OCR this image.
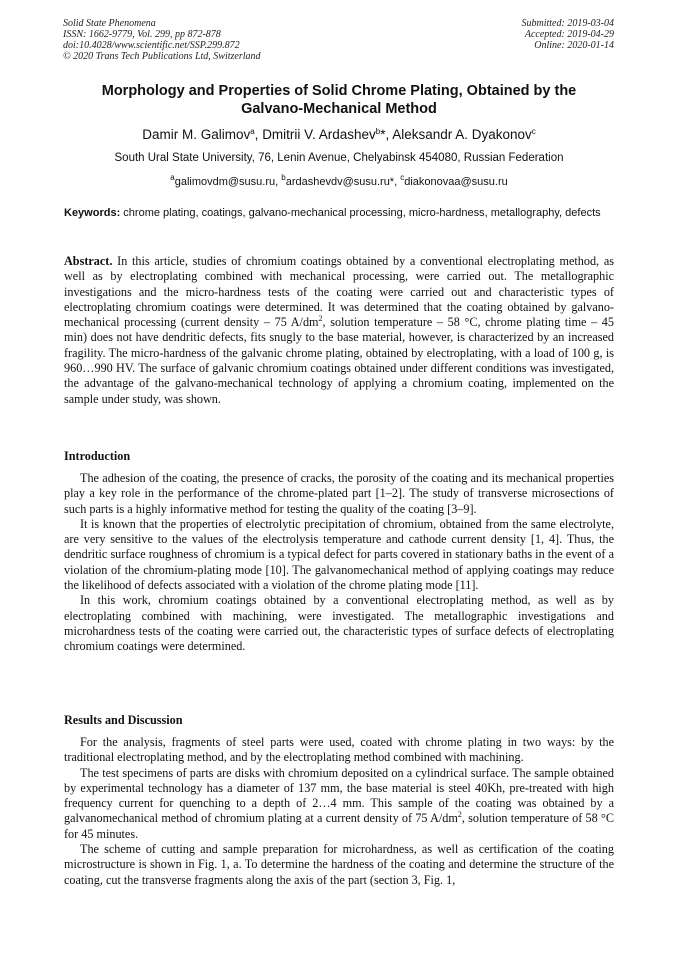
Solid State Phenomena
ISSN: 1662-9779, Vol. 299, pp 872-878
doi:10.4028/www.scientific.net/SSP.299.872
© 2020 Trans Tech Publications Ltd, Switzerland
Submitted: 2019-03-04
Accepted: 2019-04-29
Online: 2020-01-14
Morphology and Properties of Solid Chrome Plating, Obtained by the
Galvano-Mechanical Method
Damir M. Galimov$^a$, Dmitrii V. Ardashev$^b$*, Aleksandr A. Dyakonov$^c$
South Ural State University, 76, Lenin Avenue, Chelyabinsk 454080, Russian Federation
$^a$galimovdm@susu.ru, $^b$ardashevdv@susu.ru*, $^c$diakonovaa@susu.ru
Keywords: chrome plating, coatings, galvano-mechanical processing, micro-hardness, metallography, defects
Abstract. In this article, studies of chromium coatings obtained by a conventional electroplating method, as well as by electroplating combined with mechanical processing, were carried out. The metallographic investigations and the micro-hardness tests of the coating were carried out and characteristic types of electroplating chromium coatings were determined. It was determined that the coating obtained by galvano-mechanical processing (current density – 75 $A/dm^2$, solution temperature – 58 °C, chrome plating time – 45 min) does not have dendritic defects, fits snugly to the base material, however, is characterized by an increased fragility. The micro-hardness of the galvanic chrome plating, obtained by electroplating, with a load of 100 g, is 960…990 HV. The surface of galvanic chromium coatings obtained under different conditions was investigated, the advantage of the galvano-mechanical technology of applying a chromium coating, implemented on the sample under study, was shown.
Introduction

The adhesion of the coating, the presence of cracks, the porosity of the coating and its mechanical properties play a key role in the performance of the chrome-plated part [1–2]. The study of transverse microsections of such parts is a highly informative method for testing the quality of the coating [3–9].

It is known that the properties of electrolytic precipitation of chromium, obtained from the same electrolyte, are very sensitive to the values of the electrolysis temperature and cathode current density [1, 4]. Thus, the dendritic surface roughness of chromium is a typical defect for parts covered in stationary baths in the event of a violation of the chromium-plating mode [10]. The galvanomechanical method of applying coatings may reduce the likelihood of defects associated with a violation of the chrome plating mode [11].

In this work, chromium coatings obtained by a conventional electroplating method, as well as by electroplating combined with machining, were investigated. The metallographic investigations and microhardness tests of the coating were carried out, the characteristic types of surface defects of electroplating chromium coatings were determined.

Results and Discussion

For the analysis, fragments of steel parts were used, coated with chrome plating in two ways: by the traditional electroplating method, and by the electroplating method combined with machining.

The test specimens of parts are disks with chromium deposited on a cylindrical surface. The sample obtained by experimental technology has a diameter of 137 mm, the base material is steel 40Kh, pre-treated with high frequency current for quenching to a depth of 2…4 mm. This sample of the coating was obtained by a galvanomechanical method of chromium plating at a current density of 75 $A/dm^2$, solution temperature of 58 °C for 45 minutes.

The scheme of cutting and sample preparation for microhardness, as well as certification of the coating microstructure is shown in Fig. 1, a. To determine the hardness of the coating and determine the structure of the coating, cut the transverse fragments along the axis of the part (section 3, Fig. 1,
